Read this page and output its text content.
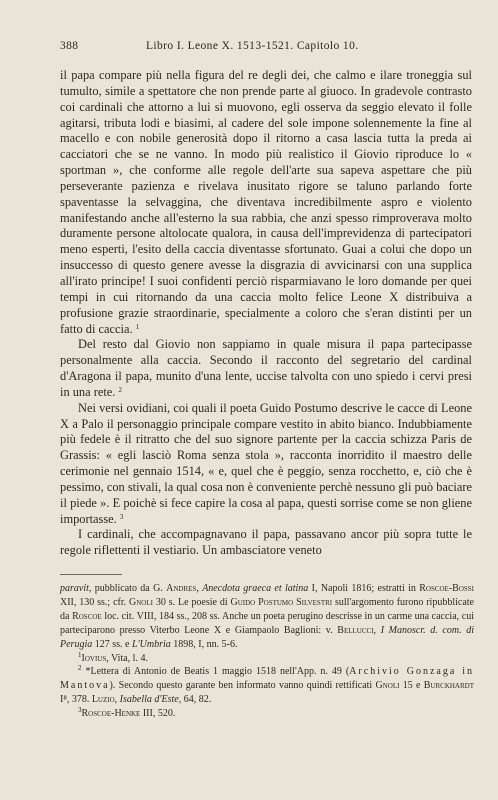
388	Libro I. Leone X. 1513-1521. Capitolo 10.

il papa compare più nella figura del re degli dei, che calmo e ilare troneggia sul tumulto, simile a spettatore che non prende parte al giuoco. In gradevole contrasto coi cardinali che attorno a lui si muovono, egli osserva da seggio elevato il folle agitarsi, tributa lodi e biasimi, al cadere del sole impone solennemente la fine al macello e con nobile generosità dopo il ritorno a casa lascia tutta la preda ai cacciatori che se ne vanno. In modo più realistico il Giovio riproduce lo « sportman », che conforme alle regole dell'arte sua sapeva aspettare che più perseverante pazienza e rivelava inusitato rigore se taluno parlando forte spaventasse la selvaggina, che diventava incredibilmente aspro e violento manifestando anche all'esterno la sua rabbia, che anzi spesso rimproverava molto duramente persone altolocate qualora, in causa dell'imprevidenza di partecipatori meno esperti, l'esito della caccia diventasse sfortunato. Guai a colui che dopo un insuccesso di questo genere avesse la disgrazia di avvicinarsi con una supplica all'irato principe! I suoi confidenti perciò risparmiavano le loro domande per quei tempi in cui ritornando da una caccia molto felice Leone X distribuiva a profusione grazie straordinarie, specialmente a coloro che s'eran distinti per un fatto di caccia. $^1$

Del resto dal Giovio non sappiamo in quale misura il papa partecipasse personalmente alla caccia. Secondo il racconto del segretario del cardinal d'Aragona il papa, munito d'una lente, uccise talvolta con uno spiedo i cervi presi in una rete. $^2$

Nei versi ovidiani, coi quali il poeta Guido Postumo descrive le cacce di Leone X a Palo il personaggio principale compare vestito in abito bianco. Indubbiamente più fedele è il ritratto che del suo signore partente per la caccia schizza Paris de Grassis: « egli lasciò Roma senza stola », racconta inorridito il maestro delle cerimonie nel gennaio 1514, « e, quel che è peggio, senza rocchetto, e, ciò che è pessimo, con stivali, la qual cosa non è conveniente perchè nessuno gli può baciare il piede ». E poichè si fece capire la cosa al papa, questi sorrise come se non gliene importasse. $^3$

I cardinali, che accompagnavano il papa, passavano ancor più sopra tutte le regole riflettenti il vestiario. Un ambasciatore veneto

paravit, pubblicato da G. Andres, Anecdota graeca et latina I, Napoli 1816; estratti in Roscoe-Bossi XII, 130 ss.; cfr. Gnoli 30 s. Le poesie di Guido Postumo Silvestri sull'argomento furono ripubblicate da Roscoe loc. cit. VIII, 184 ss., 208 ss. Anche un poeta perugino descrisse in un carme una caccia, cui parteciparono presso Viterbo Leone X e Giampaolo Baglioni: v. Bellucci, I Manoscr. d. com. di Perugia 127 ss. e L'Umbria 1898, I, nn. 5-6.

$^1$Iovius, Vita, l. 4.

$^2$ *Lettera di Antonio de Beatis 1 maggio 1518 nell'App. n. 49 (Archivio Gonzaga in Mantova). Secondo questo garante ben informato vanno quindi rettificati Gnoli 15 e Burckhardt I⁸, 378. Luzio, Isabella d'Este, 64, 82.

$^3$Roscoe-Henke III, 520.
